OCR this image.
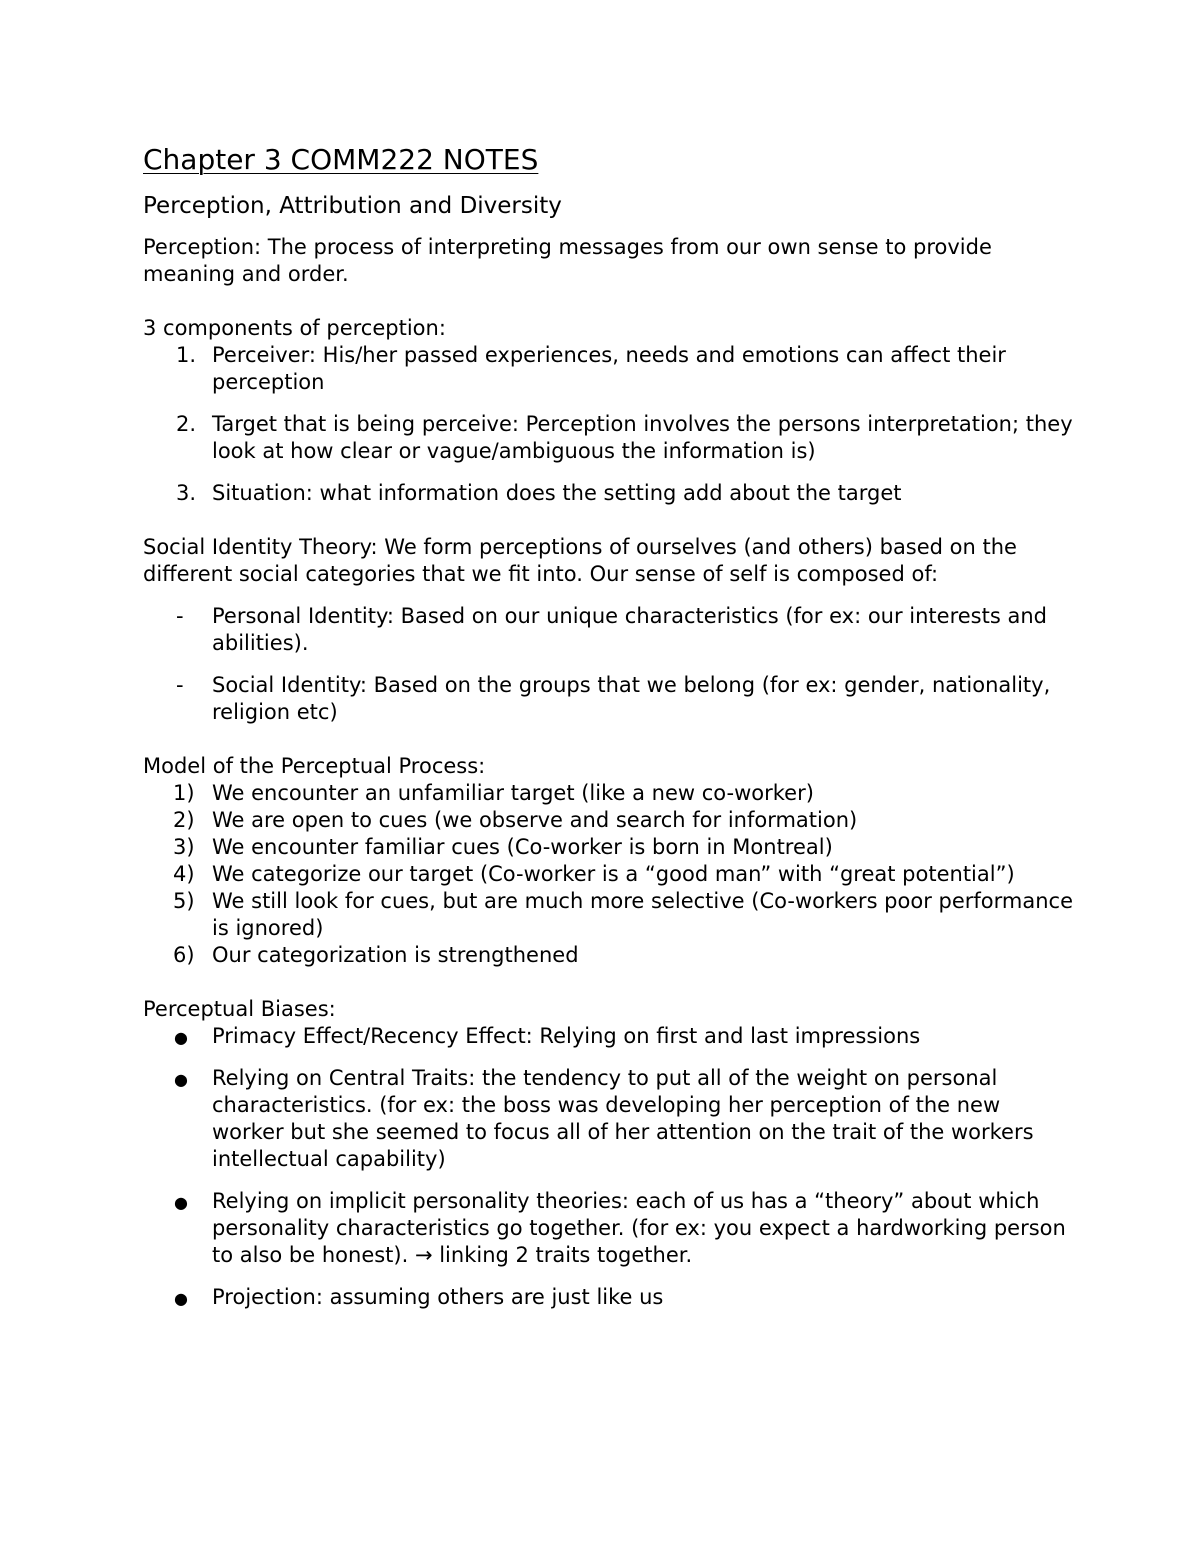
Chapter 3 COMM222 NOTES
Perception, Attribution and Diversity

Perception: The process of interpreting messages from our own sense to provide meaning and order.

3 components of perception:

1. Perceiver: His/her passed experiences, needs and emotions can affect their perception
2. Target that is being perceive: Perception involves the persons interpretation; they look at how clear or vague/ambiguous the information is)
3. Situation: what information does the setting add about the target

Social Identity Theory: We form perceptions of ourselves (and others) based on the different social categories that we fit into. Our sense of self is composed of:

- Personal Identity: Based on our unique characteristics (for ex: our interests and abilities).
- Social Identity: Based on the groups that we belong (for ex: gender, nationality, religion etc)

Model of the Perceptual Process:

1) We encounter an unfamiliar target (like a new co-worker)
2) We are open to cues (we observe and search for information)
3) We encounter familiar cues (Co-worker is born in Montreal)
4) We categorize our target (Co-worker is a “good man” with “great potential”)
5) We still look for cues, but are much more selective (Co-workers poor performance is ignored)
6) Our categorization is strengthened

Perceptual Biases:

● Primacy Effect/Recency Effect: Relying on first and last impressions
● Relying on Central Traits: the tendency to put all of the weight on personal characteristics. (for ex: the boss was developing her perception of the new worker but she seemed to focus all of her attention on the trait of the workers intellectual capability)
● Relying on implicit personality theories: each of us has a “theory” about which personality characteristics go together. (for ex: you expect a hardworking person to also be honest). → linking 2 traits together.
● Projection: assuming others are just like us
